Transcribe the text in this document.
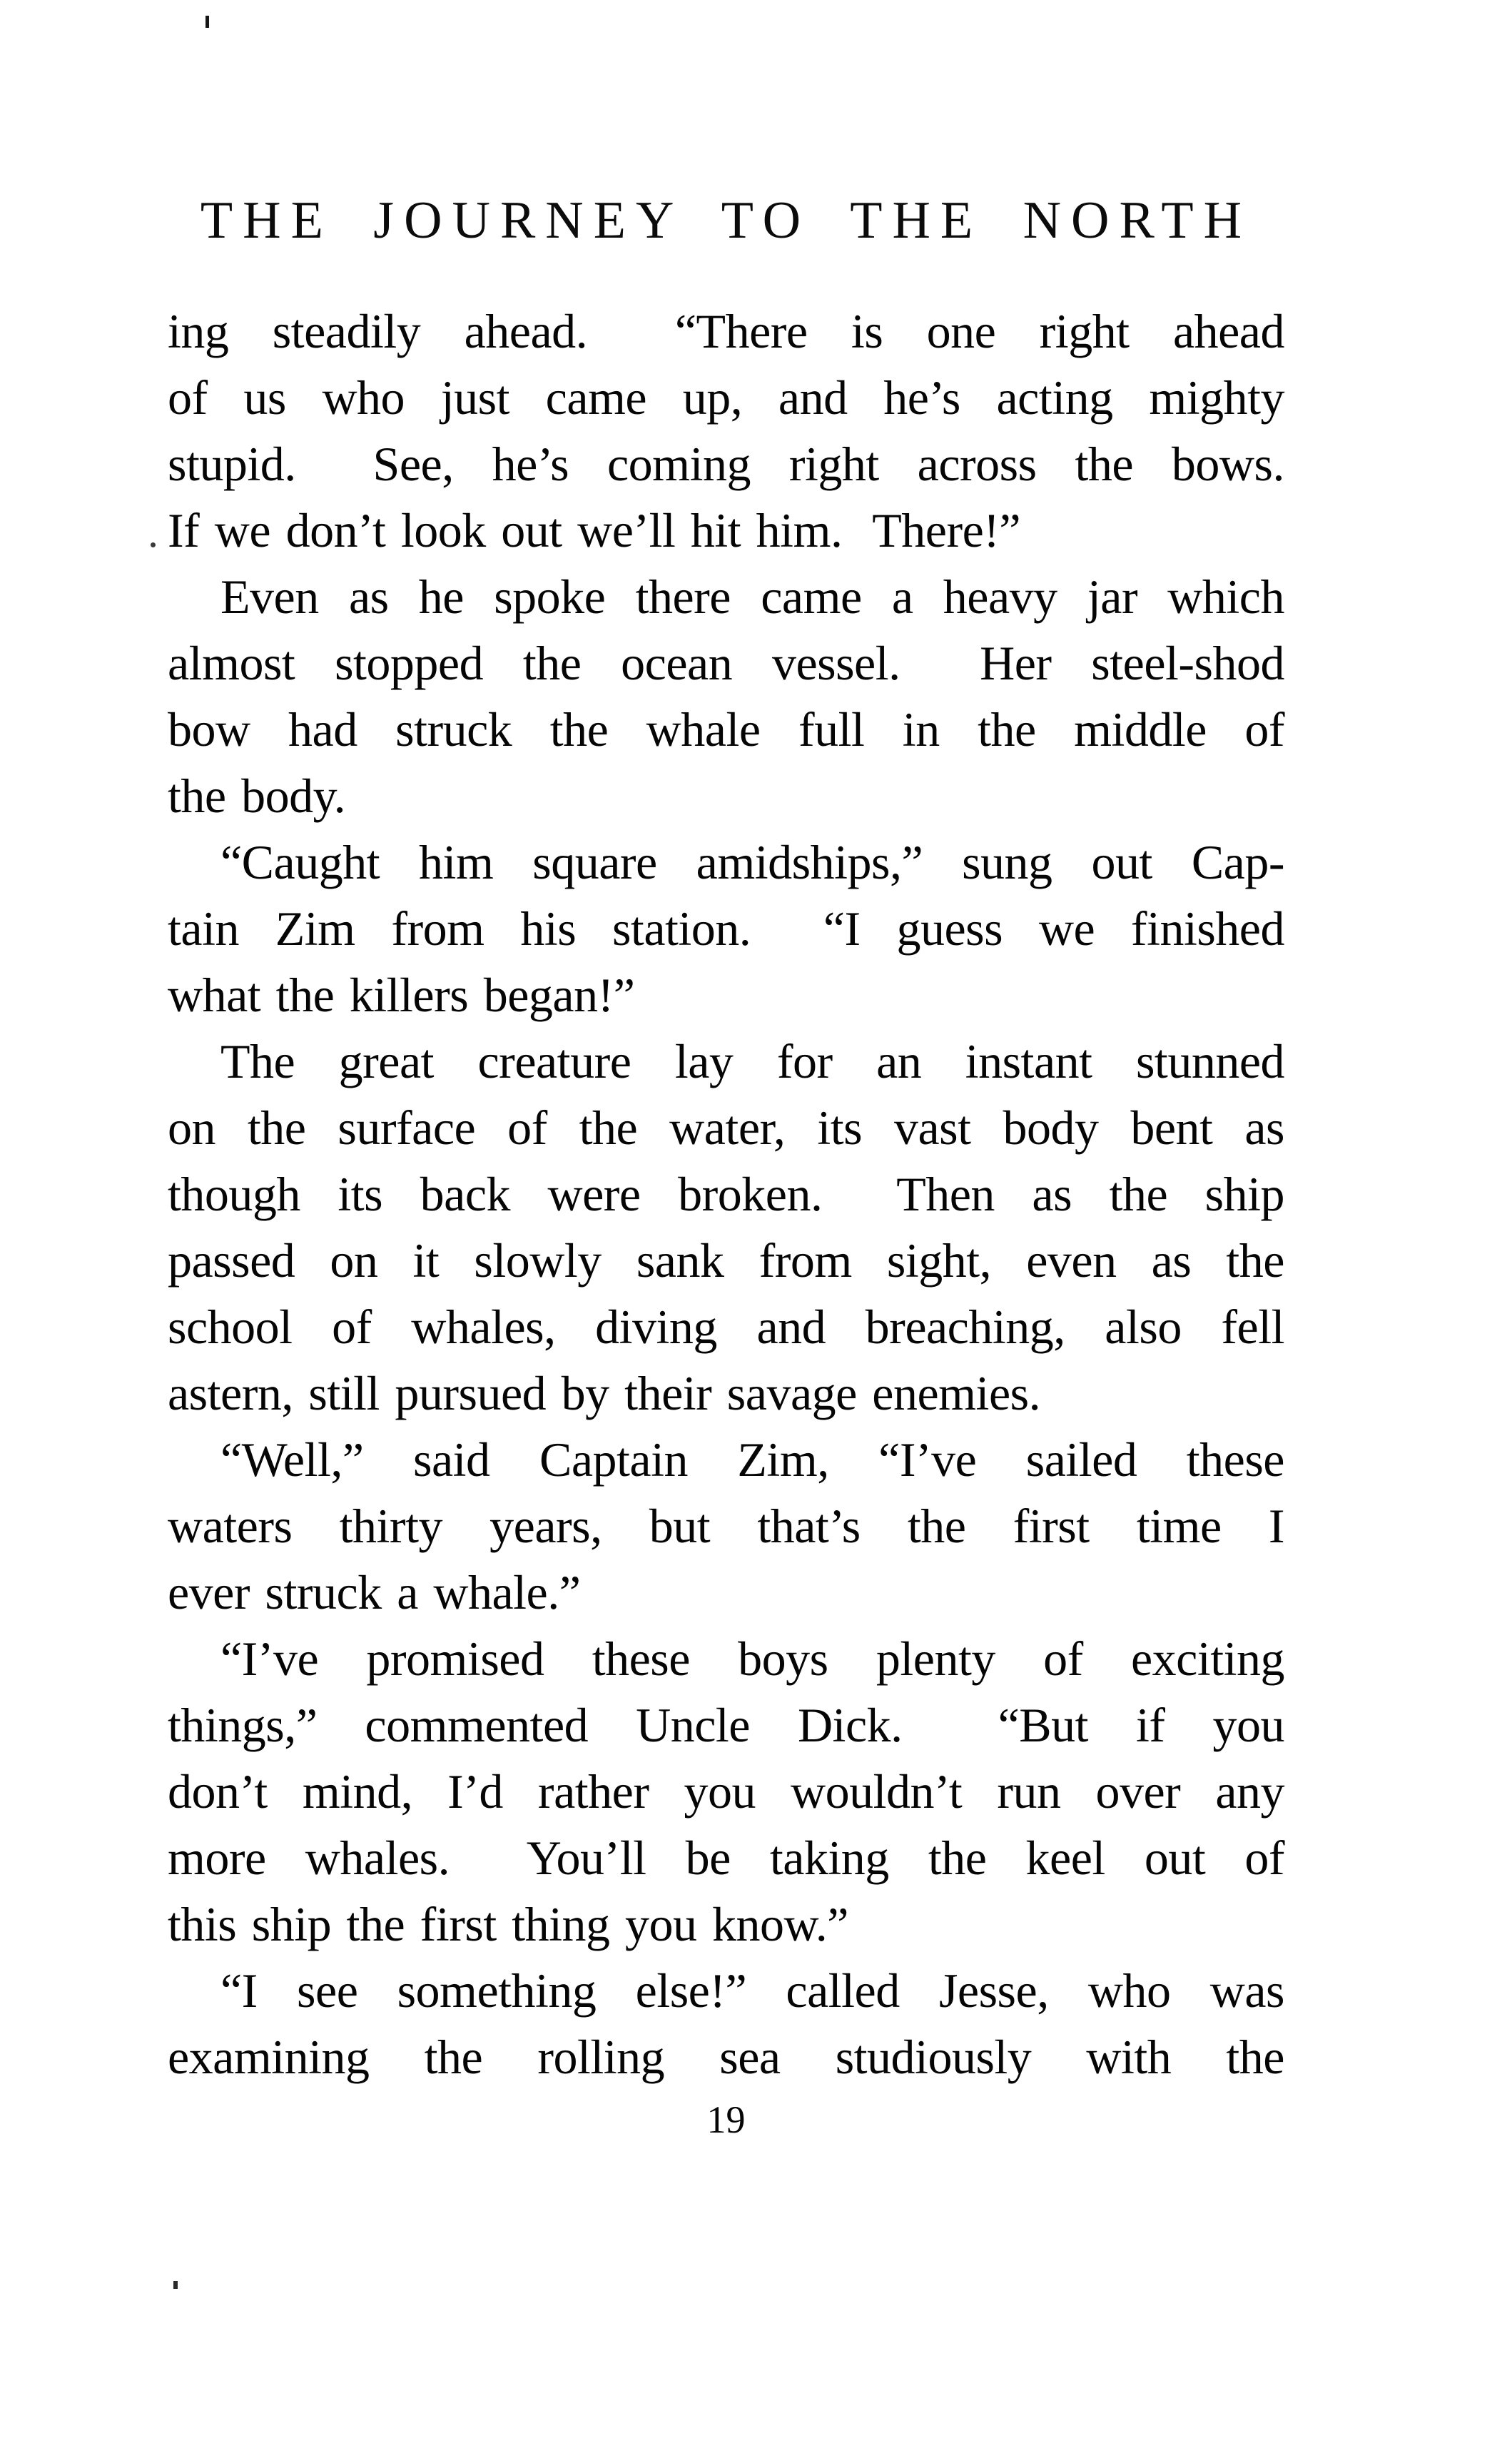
THE JOURNEY TO THE NORTH
ing steadily ahead.  “There is one right ahead
of us who just came up, and he’s acting mighty
stupid.  See, he’s coming right across the bows.
If we don’t look out we’ll hit him.  There!”
Even as he spoke there came a heavy jar which
almost stopped the ocean vessel.  Her steel-shod
bow had struck the whale full in the middle of
the body.
“Caught him square amidships,” sung out Cap-
tain Zim from his station.  “I guess we finished
what the killers began!”
The great creature lay for an instant stunned
on the surface of the water, its vast body bent as
though its back were broken.  Then as the ship
passed on it slowly sank from sight, even as the
school of whales, diving and breaching, also fell
astern, still pursued by their savage enemies.
“Well,” said Captain Zim, “I’ve sailed these
waters thirty years, but that’s the first time I
ever struck a whale.”
“I’ve promised these boys plenty of exciting
things,” commented Uncle Dick.  “But if you
don’t mind, I’d rather you wouldn’t run over any
more whales.  You’ll be taking the keel out of
this ship the first thing you know.”
“I see something else!” called Jesse, who was
examining the rolling sea studiously with the
19
